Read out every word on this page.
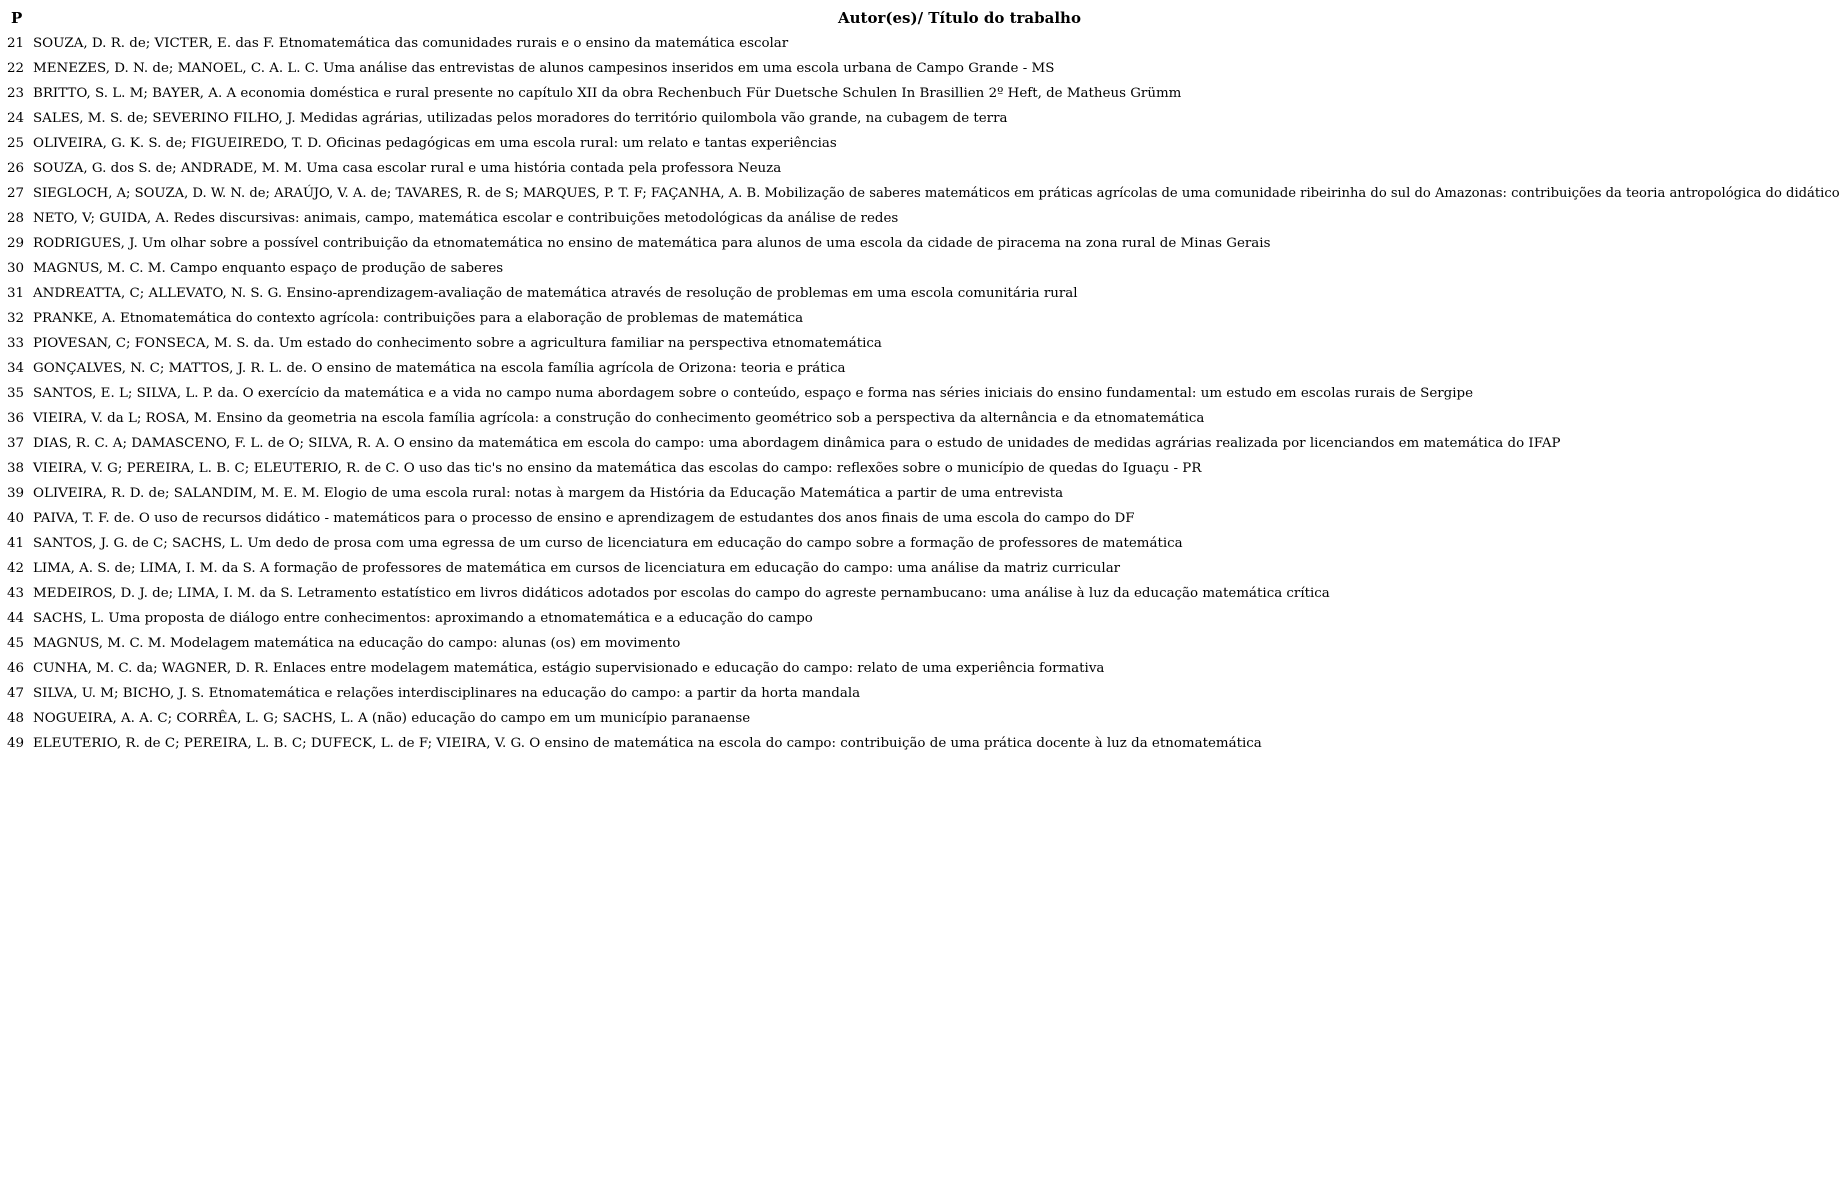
P	Autor(es)/ Título do trabalho
21 SOUZA, D. R. de; VICTER, E. das F. Etnomatemática das comunidades rurais e o ensino da matemática escolar
22 MENEZES, D. N. de; MANOEL, C. A. L. C. Uma análise das entrevistas de alunos campesinos inseridos em uma escola urbana de Campo Grande - MS
23 BRITTO, S. L. M; BAYER, A. A economia doméstica e rural presente no capítulo XII da obra Rechenbuch Für Duetsche Schulen In Brasillien 2º Heft, de Matheus Grümm
24 SALES, M. S. de; SEVERINO FILHO, J. Medidas agrárias, utilizadas pelos moradores do território quilombola vão grande, na cubagem de terra
25 OLIVEIRA, G. K. S. de; FIGUEIREDO, T. D. Oficinas pedagógicas em uma escola rural: um relato e tantas experiências
26 SOUZA, G. dos S. de; ANDRADE, M. M. Uma casa escolar rural e uma história contada pela professora Neuza
27 SIEGLOCH, A; SOUZA, D. W. N. de; ARAÚJO, V. A. de; TAVARES, R. de S; MARQUES, P. T. F; FAÇANHA, A. B. Mobilização de saberes matemáticos em práticas agrícolas de uma comunidade ribeirinha do sul do Amazonas: contribuições da teoria antropológica do didático
28 NETO, V; GUIDA, A. Redes discursivas: animais, campo, matemática escolar e contribuições metodológicas da análise de redes
29 RODRIGUES, J. Um olhar sobre a possível contribuição da etnomatemática no ensino de matemática para alunos de uma escola da cidade de piracema na zona rural de Minas Gerais
30 MAGNUS, M. C. M. Campo enquanto espaço de produção de saberes
31 ANDREATTA, C; ALLEVATO, N. S. G. Ensino-aprendizagem-avaliação de matemática através de resolução de problemas em uma escola comunitária rural
32 PRANKE, A. Etnomatemática do contexto agrícola: contribuições para a elaboração de problemas de matemática
33 PIOVESAN, C; FONSECA, M. S. da. Um estado do conhecimento sobre a agricultura familiar na perspectiva etnomatemática
34 GONÇALVES, N. C; MATTOS, J. R. L. de. O ensino de matemática na escola família agrícola de Orizona: teoria e prática
35 SANTOS, E. L; SILVA, L. P. da. O exercício da matemática e a vida no campo numa abordagem sobre o conteúdo, espaço e forma nas séries iniciais do ensino fundamental: um estudo em escolas rurais de Sergipe
36 VIEIRA, V. da L; ROSA, M. Ensino da geometria na escola família agrícola: a construção do conhecimento geométrico sob a perspectiva da alternância e da etnomatemática
37 DIAS, R. C. A; DAMASCENO, F. L. de O; SILVA, R. A. O ensino da matemática em escola do campo: uma abordagem dinâmica para o estudo de unidades de medidas agrárias realizada por licenciandos em matemática do IFAP
38 VIEIRA, V. G; PEREIRA, L. B. C; ELEUTERIO, R. de C. O uso das tic's no ensino da matemática das escolas do campo: reflexões sobre o município de quedas do Iguaçu - PR
39 OLIVEIRA, R. D. de; SALANDIM, M. E. M. Elogio de uma escola rural: notas à margem da História da Educação Matemática a partir de uma entrevista
40 PAIVA, T. F. de. O uso de recursos didático - matemáticos para o processo de ensino e aprendizagem de estudantes dos anos finais de uma escola do campo do DF
41 SANTOS, J. G. de C; SACHS, L. Um dedo de prosa com uma egressa de um curso de licenciatura em educação do campo sobre a formação de professores de matemática
42 LIMA, A. S. de; LIMA, I. M. da S. A formação de professores de matemática em cursos de licenciatura em educação do campo: uma análise da matriz curricular
43 MEDEIROS, D. J. de; LIMA, I. M. da S. Letramento estatístico em livros didáticos adotados por escolas do campo do agreste pernambucano: uma análise à luz da educação matemática crítica
44 SACHS, L. Uma proposta de diálogo entre conhecimentos: aproximando a etnomatemática e a educação do campo
45 MAGNUS, M. C. M. Modelagem matemática na educação do campo: alunas (os) em movimento
46 CUNHA, M. C. da; WAGNER, D. R. Enlaces entre modelagem matemática, estágio supervisionado e educação do campo: relato de uma experiência formativa
47 SILVA, U. M; BICHO, J. S. Etnomatemática e relações interdisciplinares na educação do campo: a partir da horta mandala
48 NOGUEIRA, A. A. C; CORRÊA, L. G; SACHS, L. A (não) educação do campo em um município paranaense
49 ELEUTERIO, R. de C; PEREIRA, L. B. C; DUFECK, L. de F; VIEIRA, V. G. O ensino de matemática na escola do campo: contribuição de uma prática docente à luz da etnomatemática
